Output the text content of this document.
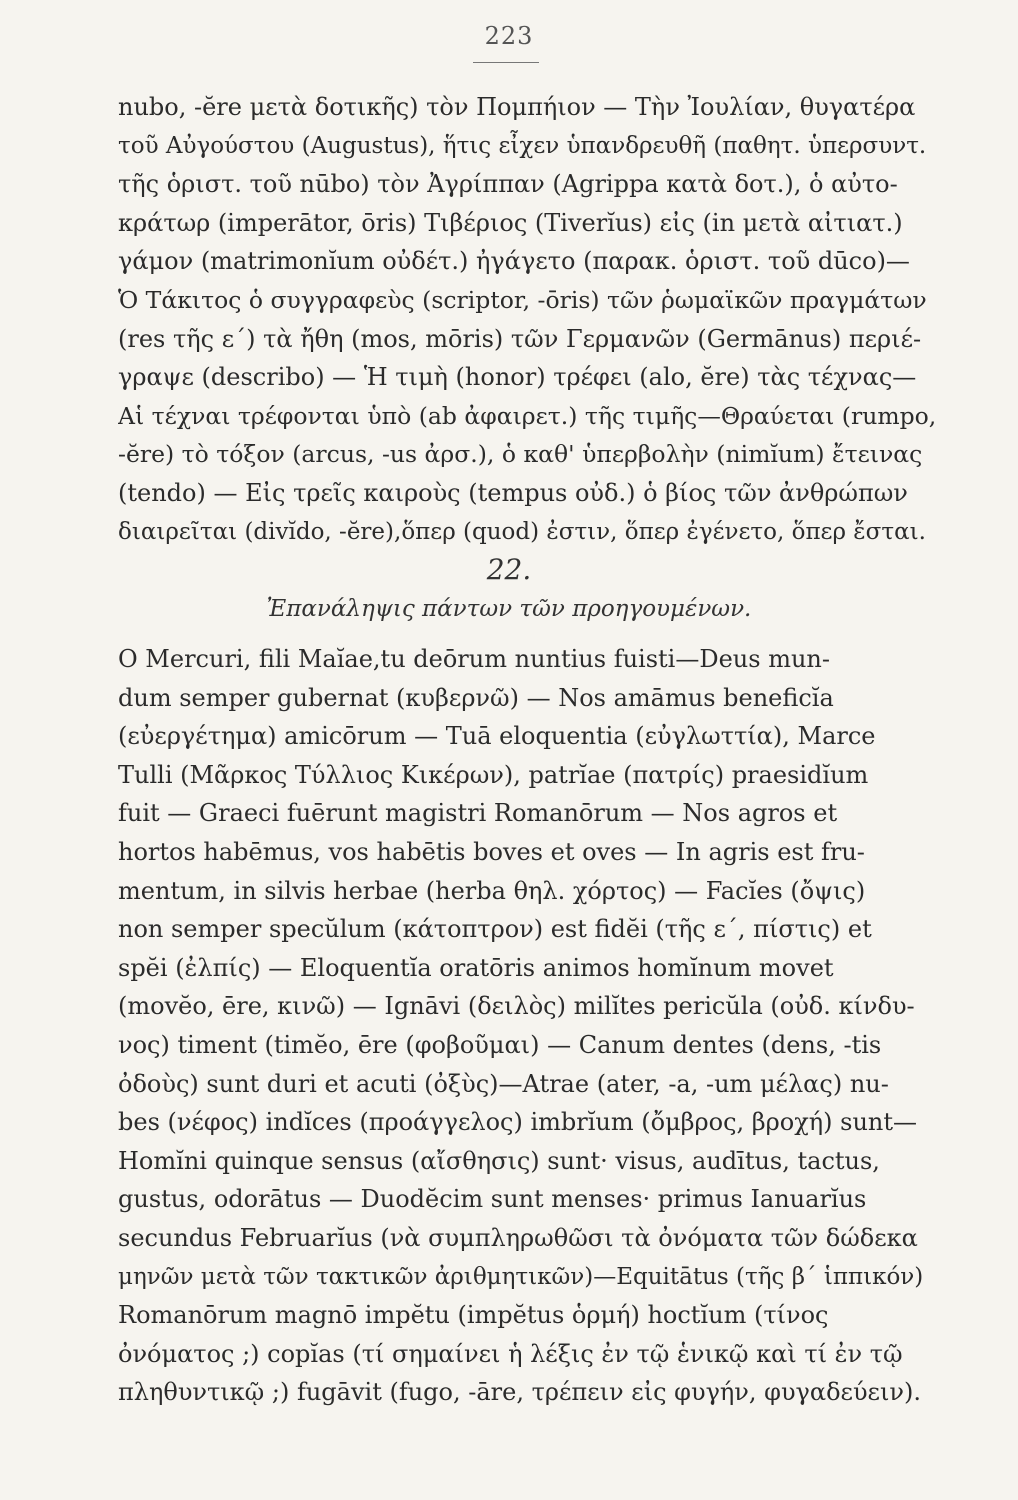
223
nubo, -ĕre μετὰ δοτικῆς) τὸν Πομπήιον — Τὴν Ἰουλίαν, θυγατέρα
τοῦ Αὐγούστου (Augustus), ἥτις εἶχεν ὑπανδρευθῆ (παθητ. ὑπερσυντ.
τῆς ὁριστ. τοῦ nūbo) τὸν Ἀγρίππαν (Agrippa κατὰ δοτ.), ὁ αὐτο-
κράτωρ (imperātor, ōris) Τιβέριος (Tiverĭus) εἰς (in μετὰ αἰτιατ.)
γάμον (matrimonĭum οὐδέτ.) ἠγάγετο (παρακ. ὁριστ. τοῦ dūco)—
Ὁ Τάκιτος ὁ συγγραφεὺς (scriptor, -ōris) τῶν ῥωμαϊκῶν πραγμάτων
(res τῆς ε΄) τὰ ἤθη (mos, mōris) τῶν Γερμανῶν (Germānus) περιέ-
γραψε (describo) — Ἡ τιμὴ (honor) τρέφει (alo, ĕre) τὰς τέχνας—
Αἱ τέχναι τρέφονται ὑπὸ (ab ἀφαιρετ.) τῆς τιμῆς—Θραύεται (rumpo,
-ĕre) τὸ τόξον (arcus, -us ἀρσ.), ὁ καθ' ὑπερβολὴν (nimĭum) ἔτεινας
(tendo) — Εἰς τρεῖς καιροὺς (tempus οὐδ.) ὁ βίος τῶν ἀνθρώπων
διαιρεῖται (divĭdo, -ĕre),ὅπερ (quod) ἐστιν, ὅπερ ἐγένετο, ὅπερ ἔσται.
22.
Ἐπανάληψις πάντων τῶν προηγουμένων.
O Mercuri, fili Maĭae,tu deōrum nuntius fuisti—Deus mun-
dum semper gubernat (κυβερνῶ) — Nos amāmus beneficĭa
(εὐεργέτημα) amicōrum — Tuā eloquentia (εὐγλωττία), Marce
Tulli (Μᾶρκος Τύλλιος Κικέρων), patrĭae (πατρίς) praesidĭum
fuit — Graeci fuērunt magistri Romanōrum — Nos agros et
hortos habēmus, vos habētis boves et oves — In agris est fru-
mentum, in silvis herbae (herba θηλ. χόρτος) — Facĭes (ὄψις)
non semper specŭlum (κάτοπτρον) est fidĕi (τῆς ε΄, πίστις) et
spĕi (ἐλπίς) — Eloquentĭa oratōris animos homĭnum movet
(movĕo, ēre, κινῶ) — Ignāvi (δειλὸς) milĭtes pericŭla (οὐδ. κίνδυ-
νος) timent (timĕo, ēre (φοβοῦμαι) — Canum dentes (dens, -tis
ὀδοὺς) sunt duri et acuti (ὀξὺς)—Atrae (ater, -a, -um μέλας) nu-
bes (νέφος) indĭces (προάγγελος) imbrĭum (ὄμβρος, βροχή) sunt—
Homĭni quinque sensus (αἴσθησις) sunt· visus, audītus, tactus,
gustus, odorātus — Duodĕcim sunt menses· primus Ianuarĭus
secundus Februarĭus (νὰ συμπληρωθῶσι τὰ ὀνόματα τῶν δώδεκα
μηνῶν μετὰ τῶν τακτικῶν ἀριθμητικῶν)—Equitātus (τῆς β΄ ἱππικόν)
Romanōrum magnō impĕtu (impĕtus ὁρμή) hoctĭum (τίνος
ὀνόματος ;) copĭas (τί σημαίνει ἡ λέξις ἐν τῷ ἑνικῷ καὶ τί ἐν τῷ
πληθυντικῷ ;) fugāvit (fugo, -āre, τρέπειν εἰς φυγήν, φυγαδεύειν).
